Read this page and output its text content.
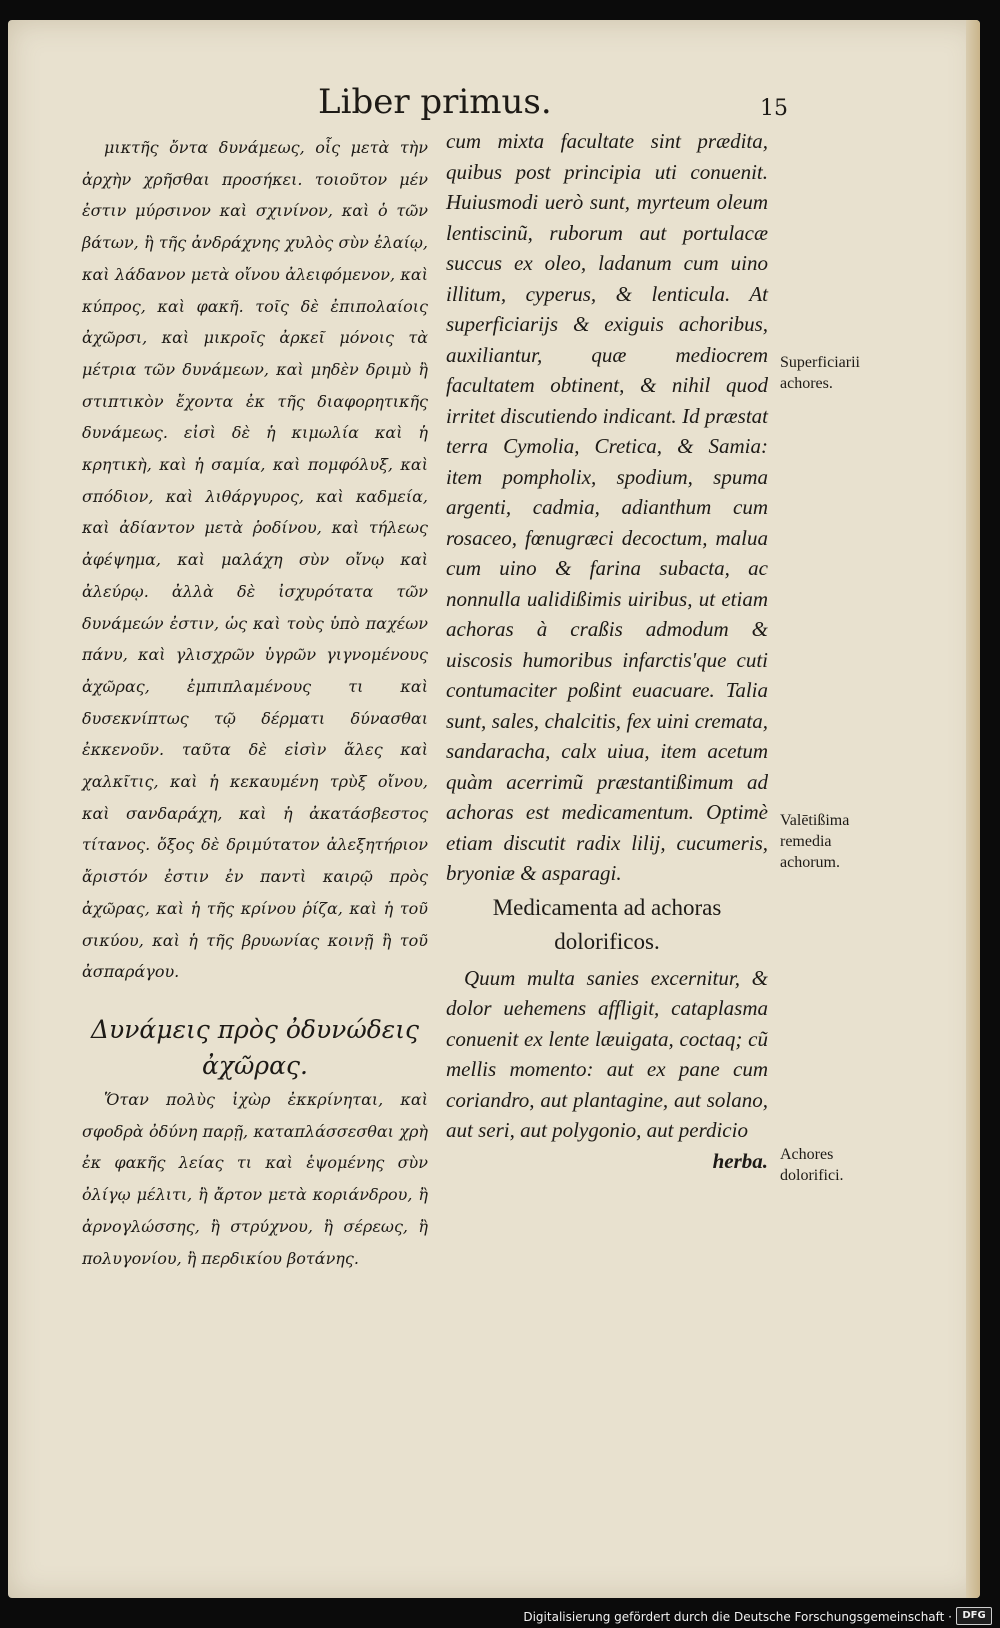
Liber primus.	15
μικτῆς ὄντα δυνάμεως, οἷς μετὰ τὴν ἀρχὴν χρῆσθαι προσήκει. τοιοῦτον μέν ἐστιν μύρσινον καὶ σχινίνον, καὶ ὁ τῶν βάτων, ἢ τῆς ἀνδράχνης χυλὸς σὺν ἐλαίῳ, καὶ λάδανον μετὰ οἴνου ἀλειφόμενον, καὶ κύπρος, καὶ φακῆ. τοῖς δὲ ἐπιπολαίοις ἀχῶρσι, καὶ μικροῖς ἀρκεῖ μόνοις τὰ μέτρια τῶν δυνάμεων, καὶ μηδὲν δριμὺ ἢ στιπτικὸν ἔχοντα ἐκ τῆς διαφορητικῆς δυνάμεως. εἰσὶ δὲ ἡ κιμωλία καὶ ἡ κρητικὴ, καὶ ἡ σαμία, καὶ πομφόλυξ, καὶ σπόδιον, καὶ λιθάργυρος, καὶ καδμεία, καὶ ἀδίαντον μετὰ ῥοδίνου, καὶ τήλεως ἀφέψημα, καὶ μαλάχη σὺν οἴνῳ καὶ ἀλεύρῳ. ἀλλὰ δὲ ἰσχυρότατα τῶν δυνάμεών ἐστιν, ὡς καὶ τοὺς ὑπὸ παχέων πάνυ, καὶ γλισχρῶν ὑγρῶν γιγνομένους ἀχῶρας, ἐμπιπλαμένους τι καὶ δυσεκνίπτως τῷ δέρματι δύνασθαι ἐκκενοῦν. ταῦτα δὲ εἰσὶν ἅλες καὶ χαλκῖτις, καὶ ἡ κεκαυμένη τρὺξ οἴνου, καὶ σανδαράχη, καὶ ἡ ἀκατάσβεστος τίτανος. ὄξος δὲ δριμύτατον ἀλεξητήριον ἄριστόν ἐστιν ἐν παντὶ καιρῷ πρὸς ἀχῶρας, καὶ ἡ τῆς κρίνου ῥίζα, καὶ ἡ τοῦ σικύου, καὶ ἡ τῆς βρυωνίας κοινῇ ἢ τοῦ ἀσπαράγου.
Δυνάμεις πρὸς ὀδυνώδεις ἀχῶρας.
Ὅταν πολὺς ἰχὼρ ἐκκρίνηται, καὶ σφοδρὰ ὀδύνη παρῇ, καταπλάσσεσθαι χρὴ ἐκ φακῆς λείας τι καὶ ἑψομένης σὺν ὀλίγῳ μέλιτι, ἢ ἄρτον μετὰ κοριάνδρου, ἢ ἀρνογλώσσης, ἢ στρύχνου, ἢ σέρεως, ἢ πολυγονίου, ἢ περδικίου βοτάνης.
cum mixta facultate sint prædita, quibus post principia uti conuenit. Huiusmodi uerò sunt, myrteum oleum lentiscinũ, ruborum aut portulacæ succus ex oleo, ladanum cum uino illitum, cyperus, & lenticula. At superficiarijs & exiguis achoribus, auxiliantur, quæ mediocrem facultatem obtinent, & nihil quod irritet discutiendo indicant. Id præstat terra Cymolia, Cretica, & Samia: item pompholix, spodium, spuma argenti, cadmia, adianthum cum rosaceo, fœnugræci decoctum, malua cum uino & farina subacta, ac nonnulla ualidißimis uiribus, ut etiam achoras à craßis admodum & uiscosis humoribus infarctis'que cuti contumaciter poßint euacuare. Talia sunt, sales, chalcitis, fex uini cremata, sandaracha, calx uiua, item acetum quàm acerrimũ præstantißimum ad achoras est medicamentum. Optimè etiam discutit radix lilij, cucumeris, bryoniæ & asparagi.
Medicamenta ad achoras dolorificos.
Quum multa sanies excernitur, & dolor uehemens affligit, cataplasma conuenit ex lente læuigata, coctaq; cũ mellis momento: aut ex pane cum coriandro, aut plantagine, aut solano, aut seri, aut polygonio, aut perdicio
herba.
Superficiarii achores.
Valētißima remedia achorum.
Achores dolorifici.
Digitalisierung gefördert durch die Deutsche Forschungsgemeinschaft ·	DFG
